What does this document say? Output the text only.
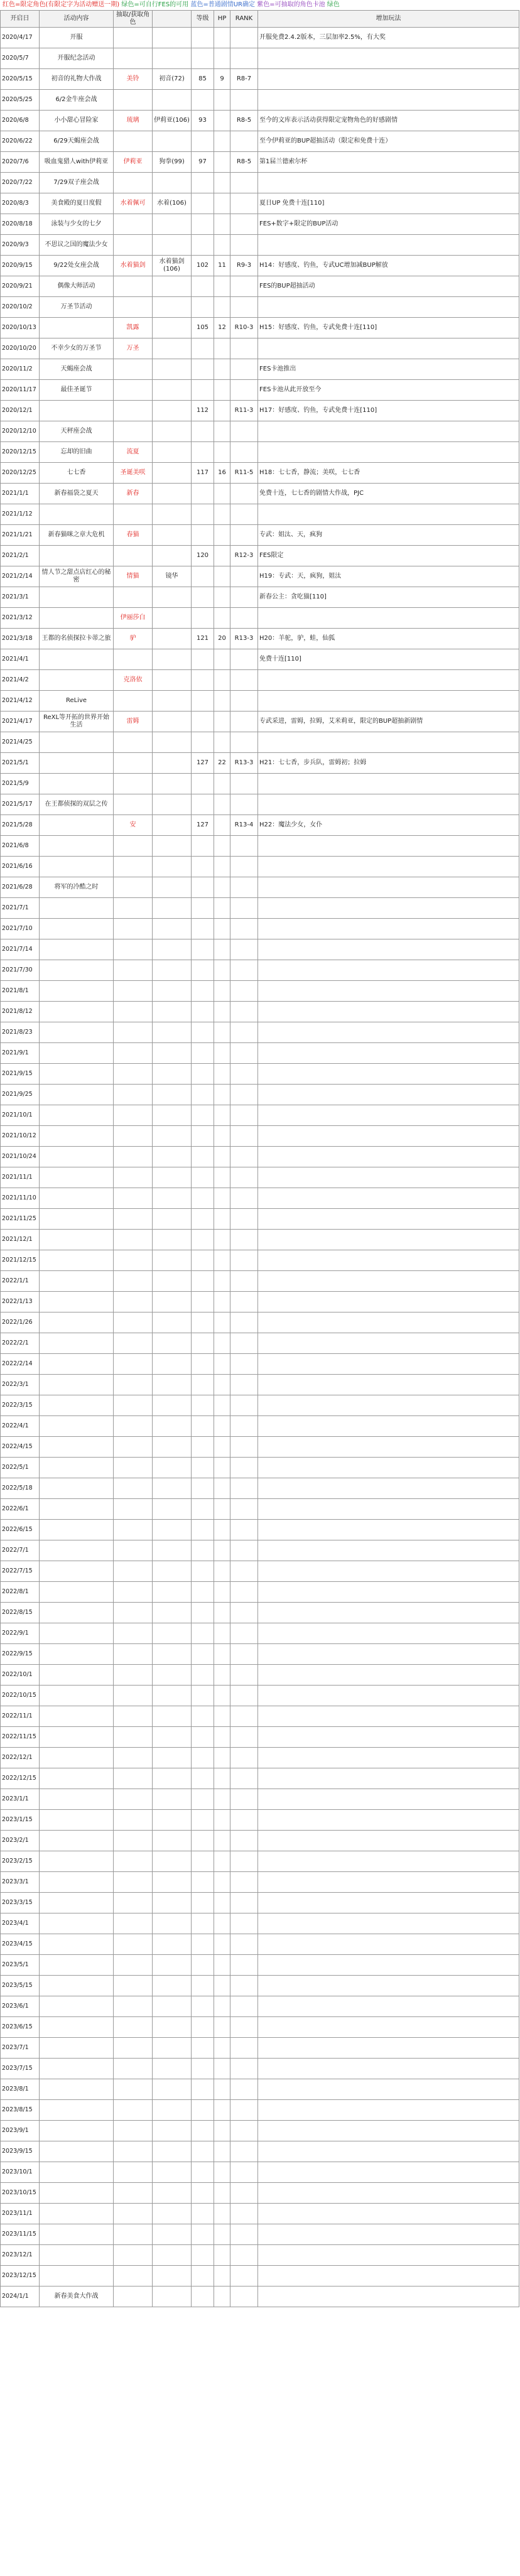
红色=限定角色(有限定字为活动赠送一期) 绿色=可自行FES的可用 蓝色=普通剧情UR确定 紫色=可抽取的角色卡池 绿色
开启日	活动内容	抽取/获取角色		等级	HP	RANK	增加玩法
2020/4/17	开服						开服免费2.4.2版本，三层加率2.5%，有大奖
2020/5/7	开服纪念活动						
2020/5/15	初音的礼物大作战	美铃	初音(72)	85	9	R8-7	
2020/5/25	6/2金牛座会战						
2020/6/8	小小甜心冒险家	琉璃	伊莉亚(106)	93		R8-5	至今的文库表示活动获得限定宠物角色的好感剧情
2020/6/22	6/29天蝎座会战						至今伊莉亚的BUP超抽活动（限定和免费十连）
2020/7/6	吸血鬼猎人with伊莉亚	伊莉亚	狗拳(99)	97		R8-5	第1届兰德索尔杯
2020/7/22	7/29双子座会战						
2020/8/3	美食殿的夏日度假	水着佩可	水着(106)				夏日UP 免费十连[110]
2020/8/18	泳装与少女的七夕						FES+数字+限定的BUP活动
2020/9/3	不思议之国的魔法少女						
2020/9/15	9/22处女座会战	水着猫剑	水着猫剑(106)	102	11	R9-3	H14：好感度、钓鱼，专武UC增加减BUP解放
2020/9/21	偶像大师活动						FES的BUP超抽活动
2020/10/2	万圣节活动						
2020/10/13		凯露		105	12	R10-3	H15：好感度、钓鱼，专武免费十连[110]
2020/10/20	不幸少女的万圣节	万圣					
2020/11/2	天蝎座会战						FES卡池推出
2020/11/17	最佳圣诞节						FES卡池从此开放至今
2020/12/1				112		R11-3	H17：好感度、钓鱼，专武免费十连[110]
2020/12/10	天秤座会战						
2020/12/15	忘却的旧曲	流夏					
2020/12/25	七七香	圣诞美咲		117	16	R11-5	H18：七七香，静流；美咲，七七香
2021/1/1	新春福袋之夏天	新春					免费十连，七七香的剧情大作战，PJC
2021/1/12							
2021/1/21	新春猫咪之章大危机	春猫					专武：姐汰、天，疯狗
2021/2/1				120		R12-3	FES限定
2021/2/14	情人节之甜点店红心的秘密	情猫	镜华				H19：专武：天，疯狗，姐汰
2021/3/1							新春公主：贪吃猫[110]
2021/3/12		伊丽莎白					
2021/3/18	王都的名侦探拉卡蒂之旅	驴		121	20	R13-3	H20：羊驼，驴，蛙，仙狐
2021/4/1							免费十连[110]
2021/4/2		克洛依					
2021/4/12	ReLive						
2021/4/17	ReXL等开拓的世界开始生活	雷姆					专武采进，雷姆，拉姆，艾米莉亚，限定的BUP超抽新剧情
2021/4/25							
2021/5/1				127	22	R13-3	H21：七七香，步兵队，雷姆初；拉姆
2021/5/9							
2021/5/17	在王都侦探的双层之传						
2021/5/28		安		127		R13-4	H22：魔法少女，女仆
2021/6/8							
2021/6/16							
2021/6/28	将军的冷酷之时						
2021/7/1							
2021/7/10							
2021/7/14							
2021/7/30							
2021/8/1							
2021/8/12							
2021/8/23							
2021/9/1							
2021/9/15							
2021/9/25							
2021/10/1							
2021/10/12							
2021/10/24							
2021/11/1							
2021/11/10							
2021/11/25							
2021/12/1							
2021/12/15							
2022/1/1							
2022/1/13							
2022/1/26							
2022/2/1							
2022/2/14							
2022/3/1							
2022/3/15							
2022/4/1							
2022/4/15							
2022/5/1							
2022/5/18							
2022/6/1							
2022/6/15							
2022/7/1							
2022/7/15							
2022/8/1							
2022/8/15							
2022/9/1							
2022/9/15							
2022/10/1							
2022/10/15							
2022/11/1							
2022/11/15							
2022/12/1							
2022/12/15							
2023/1/1							
2023/1/15							
2023/2/1							
2023/2/15							
2023/3/1							
2023/3/15							
2023/4/1							
2023/4/15							
2023/5/1							
2023/5/15							
2023/6/1							
2023/6/15							
2023/7/1							
2023/7/15							
2023/8/1							
2023/8/15							
2023/9/1							
2023/9/15							
2023/10/1							
2023/10/15							
2023/11/1							
2023/11/15							
2023/12/1							
2023/12/15							
2024/1/1	新春美食大作战						
